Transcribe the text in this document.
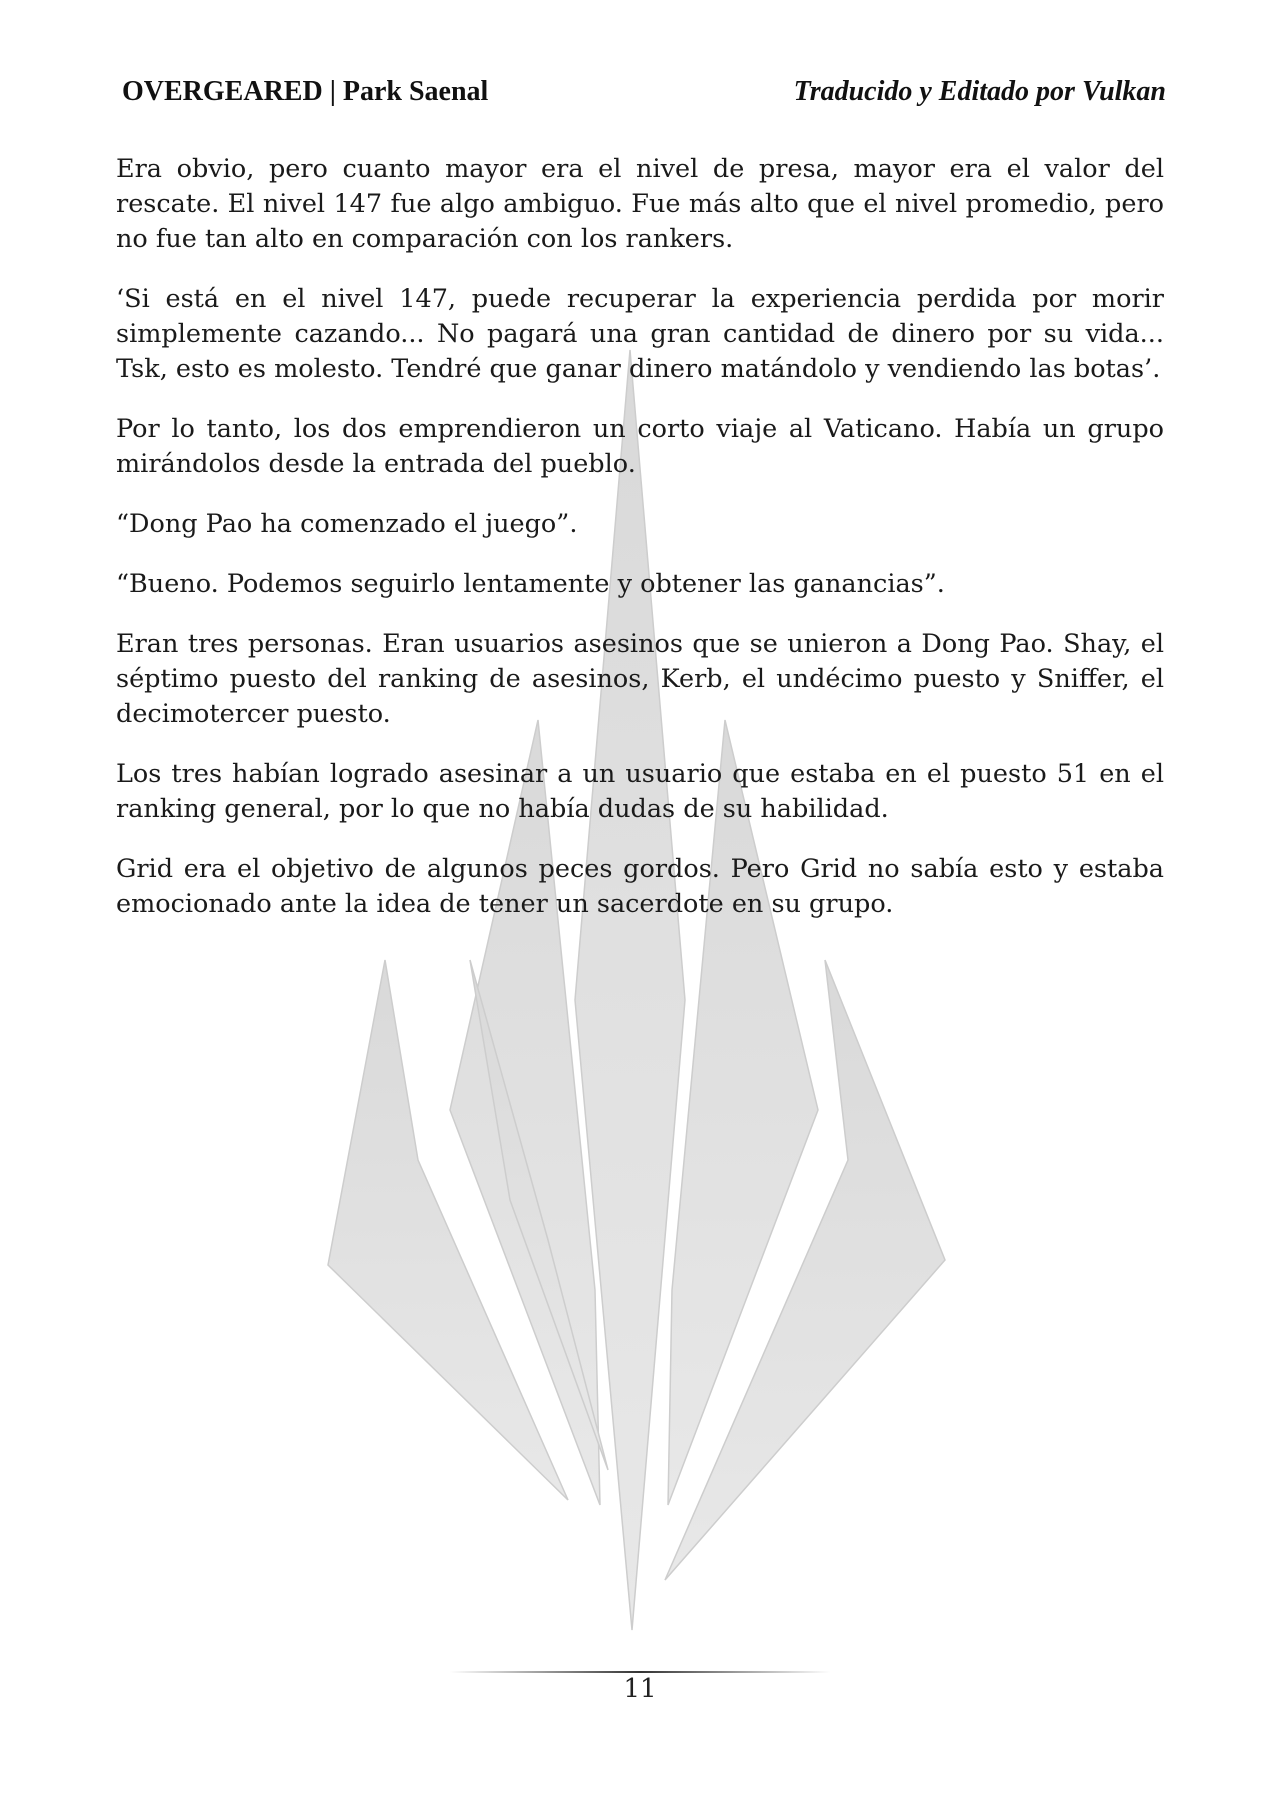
OVERGEARED | Park Saenal	Traducido y Editado por Vulkan

Era obvio, pero cuanto mayor era el nivel de presa, mayor era el valor del rescate. El nivel 147 fue algo ambiguo. Fue más alto que el nivel promedio, pero no fue tan alto en comparación con los rankers.

‘Si está en el nivel 147, puede recuperar la experiencia perdida por morir simplemente cazando... No pagará una gran cantidad de dinero por su vida... Tsk, esto es molesto. Tendré que ganar dinero matándolo y vendiendo las botas’.

Por lo tanto, los dos emprendieron un corto viaje al Vaticano. Había un grupo mirándolos desde la entrada del pueblo.

“Dong Pao ha comenzado el juego”.

“Bueno. Podemos seguirlo lentamente y obtener las ganancias”.

Eran tres personas. Eran usuarios asesinos que se unieron a Dong Pao. Shay, el séptimo puesto del ranking de asesinos, Kerb, el undécimo puesto y Sniffer, el decimotercer puesto.

Los tres habían logrado asesinar a un usuario que estaba en el puesto 51 en el ranking general, por lo que no había dudas de su habilidad.

Grid era el objetivo de algunos peces gordos. Pero Grid no sabía esto y estaba emocionado ante la idea de tener un sacerdote en su grupo.

11
